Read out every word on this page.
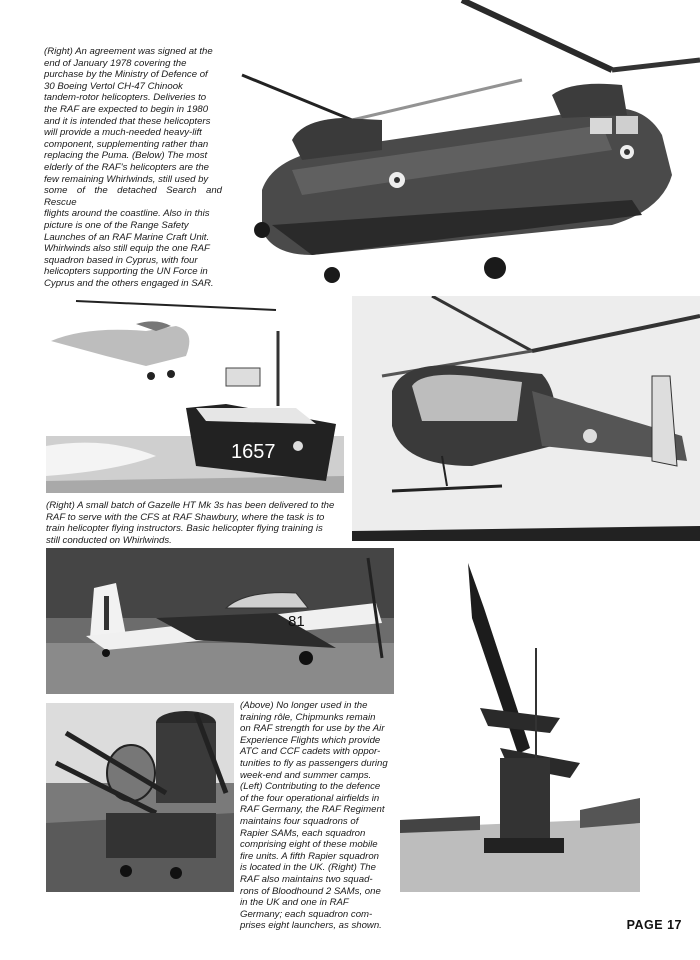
(Right) An agreement was signed at the
end of January 1978 covering the
purchase by the Ministry of Defence of
30 Boeing Vertol CH-47 Chinook
tandem-rotor helicopters. Deliveries to
the RAF are expected to begin in 1980
and it is intended that these helicopters
will provide a much-needed heavy-lift
component, supplementing rather than
replacing the Puma. (Below) The most
elderly of the RAF's helicopters are the
few remaining Whirlwinds, still used by
some of the detached Search and Rescue
flights around the coastline. Also in this
picture is one of the Range Safety
Launches of an RAF Marine Craft Unit.
Whirlwinds also still equip the one RAF
squadron based in Cyprus, with four
helicopters supporting the UN Force in
Cyprus and the others engaged in SAR.

1657

(Right) A small batch of Gazelle HT Mk 3s has been delivered to the
RAF to serve with the CFS at RAF Shawbury, where the task is to
train helicopter flying instructors. Basic helicopter flying training is
still conducted on Whirlwinds.

81

(Above) No longer used in the
training rôle, Chipmunks remain
on RAF strength for use by the Air
Experience Flights which provide
ATC and CCF cadets with oppor-
tunities to fly as passengers during
week-end and summer camps.
(Left) Contributing to the defence
of the four operational airfields in
RAF Germany, the RAF Regiment
maintains four squadrons of
Rapier SAMs, each squadron
comprising eight of these mobile
fire units. A fifth Rapier squadron
is located in the UK. (Right) The
RAF also maintains two squad-
rons of Bloodhound 2 SAMs, one
in the UK and one in RAF
Germany; each squadron com-
prises eight launchers, as shown.	PAGE 17
